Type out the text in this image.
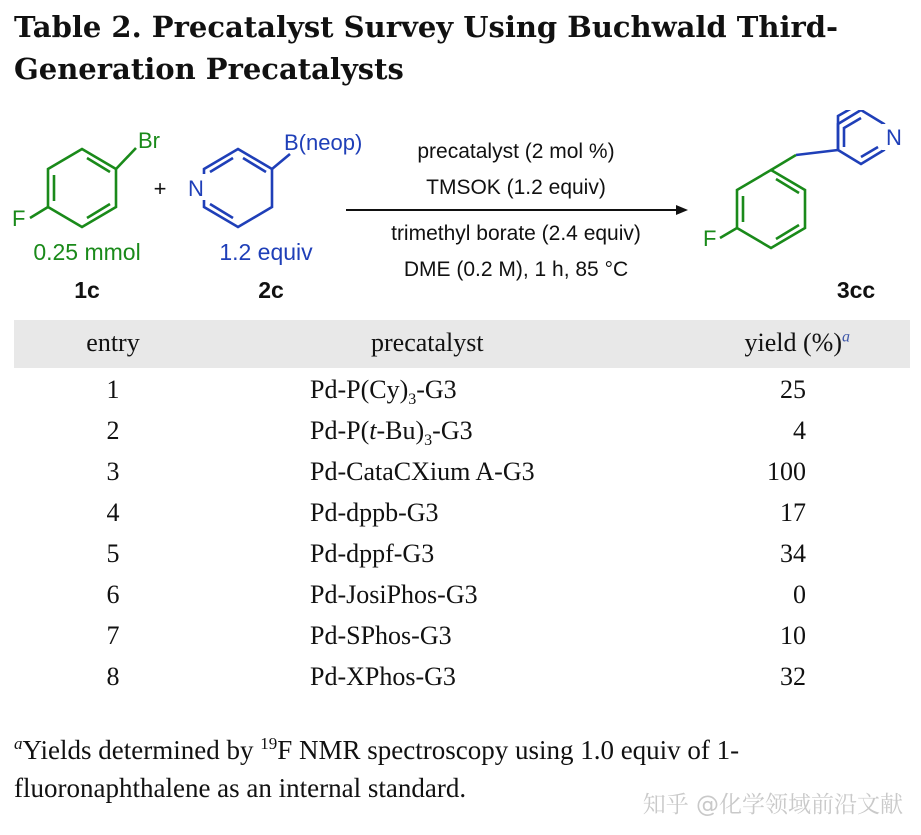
Table 2. Precatalyst Survey Using Buchwald Third-Generation Precatalysts
Br
F
0.25 mmol
1c
+ N
B(neop)
1.2 equiv
2c
precatalyst (2 mol %)
TMSOK (1.2 equiv)
trimethyl borate (2.4 equiv)
DME (0.2 M), 1 h, 85 °C
N
F
3cc
entry	precatalyst	yield (%)$^a$
1	$Pd-P(Cy)_3-G3$	25
2	$Pd-P(t-Bu)_3-G3$	4
3	Pd-CataCXium A-G3	100
4	Pd-dppb-G3	17
5	Pd-dppf-G3	34
6	Pd-JosiPhos-G3	0
7	Pd-SPhos-G3	10
8	Pd-XPhos-G3	32
$^a$Yields determined by $^{19}$F NMR spectroscopy using 1.0 equiv of 1-fluoronaphthalene as an internal standard.
知乎 @化学领域前沿文献
